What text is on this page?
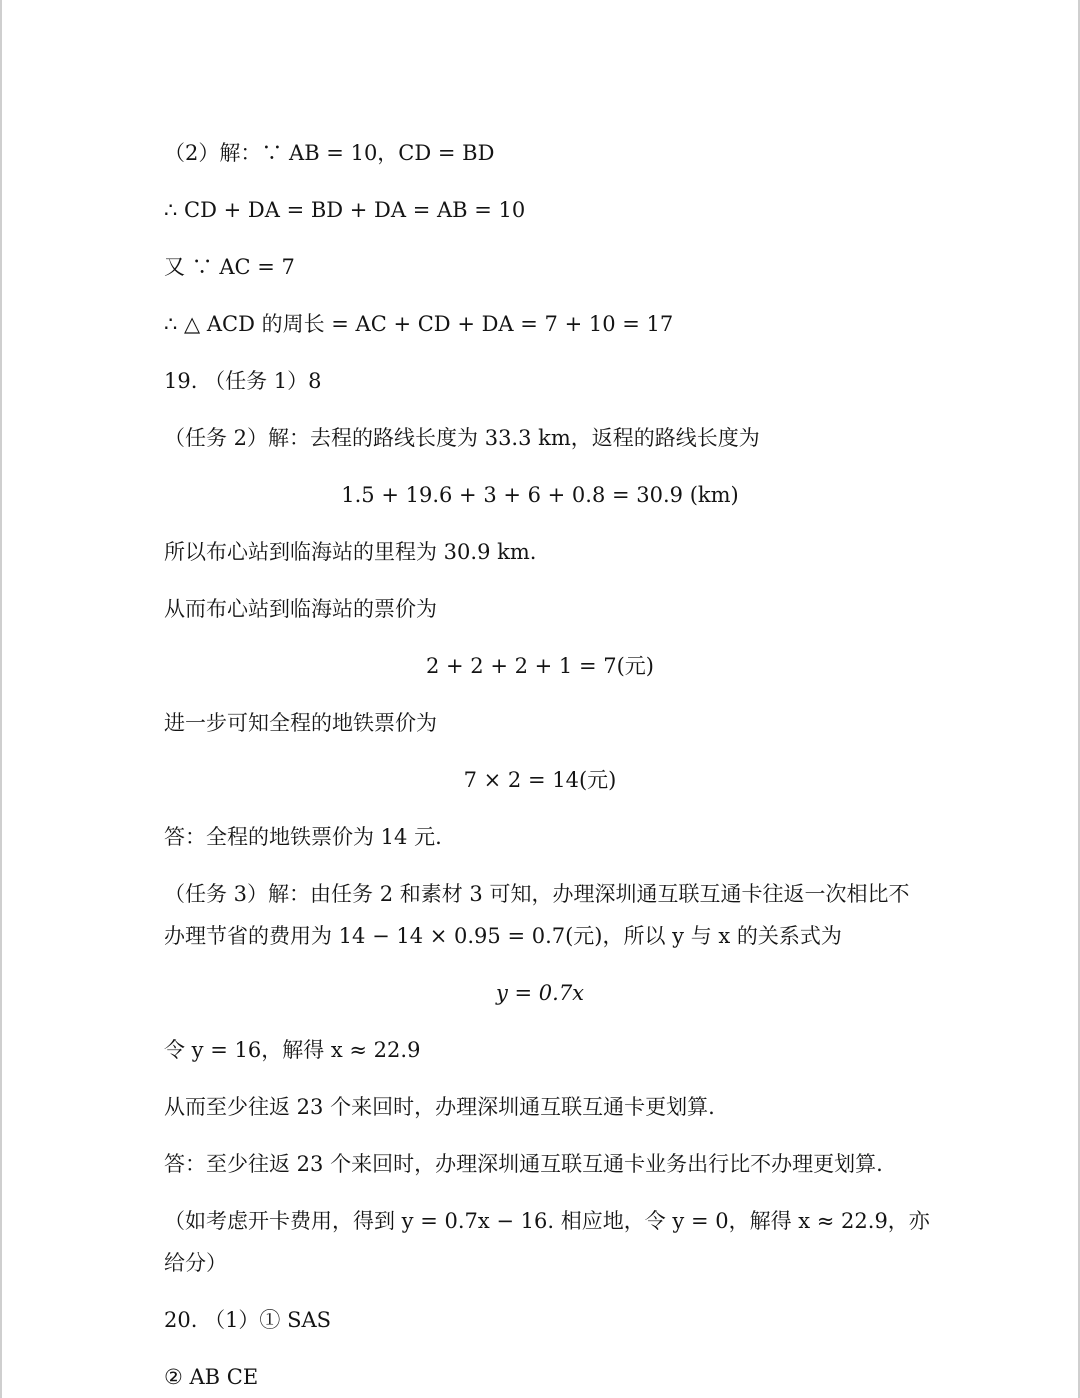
（2）解：∵ AB = 10，CD = BD
∴ CD + DA = BD + DA = AB = 10
又 ∵ AC = 7
∴ △ ACD 的周长 = AC + CD + DA = 7 + 10 = 17
19. （任务 1）8
（任务 2）解：去程的路线长度为 33.3 km，返程的路线长度为
1.5 + 19.6 + 3 + 6 + 0.8 = 30.9 (km)
所以布心站到临海站的里程为 30.9 km.
从而布心站到临海站的票价为
2 + 2 + 2 + 1 = 7(元)
进一步可知全程的地铁票价为
7 × 2 = 14(元)
答：全程的地铁票价为 14 元.
（任务 3）解：由任务 2 和素材 3 可知，办理深圳通互联互通卡往返一次相比不
办理节省的费用为 14 − 14 × 0.95 = 0.7(元)，所以 y 与 x 的关系式为
y = 0.7x
令 y = 16，解得 x ≈ 22.9
从而至少往返 23 个来回时，办理深圳通互联互通卡更划算.
答：至少往返 23 个来回时，办理深圳通互联互通卡业务出行比不办理更划算.
（如考虑开卡费用，得到 y = 0.7x − 16. 相应地，令 y = 0，解得 x ≈ 22.9，亦
给分）
20. （1）① SAS
② AB CE
